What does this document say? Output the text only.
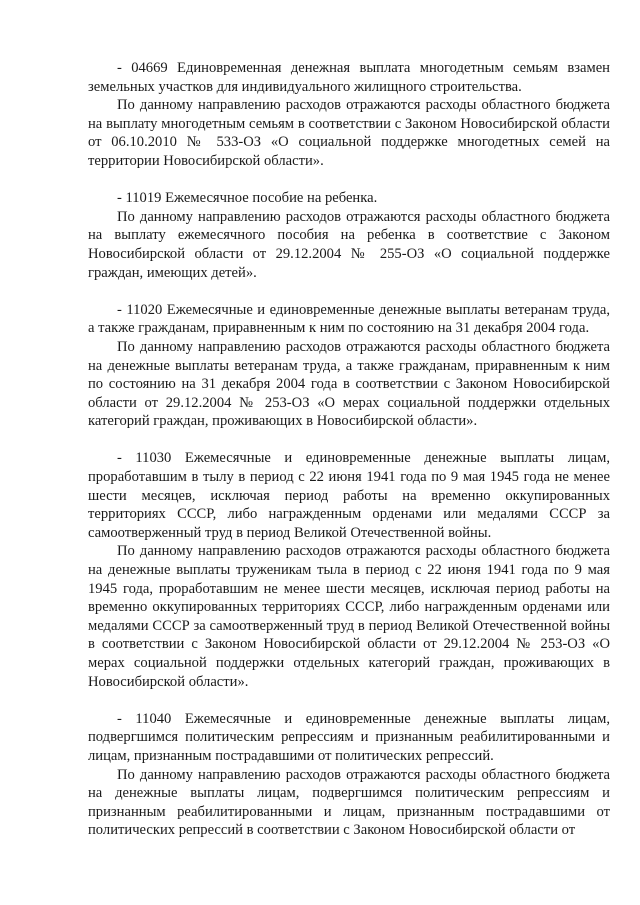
- 04669 Единовременная денежная выплата многодетным семьям взамен земельных участков для индивидуального жилищного строительства.

По данному направлению расходов отражаются расходы областного бюджета на выплату многодетным семьям в соответствии с Законом Новосибирской области от 06.10.2010 № 533-ОЗ «О социальной поддержке многодетных семей на территории Новосибирской области».

- 11019 Ежемесячное пособие на ребенка.

По данному направлению расходов отражаются расходы областного бюджета на выплату ежемесячного пособия на ребенка в соответствие с Законом Новосибирской области от 29.12.2004 № 255-ОЗ «О социальной поддержке граждан, имеющих детей».

- 11020 Ежемесячные и единовременные денежные выплаты ветеранам труда, а также гражданам, приравненным к ним по состоянию на 31 декабря 2004 года.

По данному направлению расходов отражаются расходы областного бюджета на денежные выплаты ветеранам труда, а также гражданам, приравненным к ним по состоянию на 31 декабря 2004 года в соответствии с Законом Новосибирской области от 29.12.2004 № 253-ОЗ «О мерах социальной поддержки отдельных категорий граждан, проживающих в Новосибирской области».

- 11030 Ежемесячные и единовременные денежные выплаты лицам, проработавшим в тылу в период с 22 июня 1941 года по 9 мая 1945 года не менее шести месяцев, исключая период работы на временно оккупированных территориях СССР, либо награжденным орденами или медалями СССР за самоотверженный труд в период Великой Отечественной войны.

По данному направлению расходов отражаются расходы областного бюджета на денежные выплаты труженикам тыла в период с 22 июня 1941 года по 9 мая 1945 года, проработавшим не менее шести месяцев, исключая период работы на временно оккупированных территориях СССР, либо награжденным орденами или медалями СССР за самоотверженный труд в период Великой Отечественной войны в соответствии с Законом Новосибирской области от 29.12.2004 № 253-ОЗ «О мерах социальной поддержки отдельных категорий граждан, проживающих в Новосибирской области».

- 11040 Ежемесячные и единовременные денежные выплаты лицам, подвергшимся политическим репрессиям и признанным реабилитированными и лицам, признанным пострадавшими от политических репрессий.

По данному направлению расходов отражаются расходы областного бюджета на денежные выплаты лицам, подвергшимся политическим репрессиям и признанным реабилитированными и лицам, признанным пострадавшими от политических репрессий в соответствии с Законом Новосибирской области от
